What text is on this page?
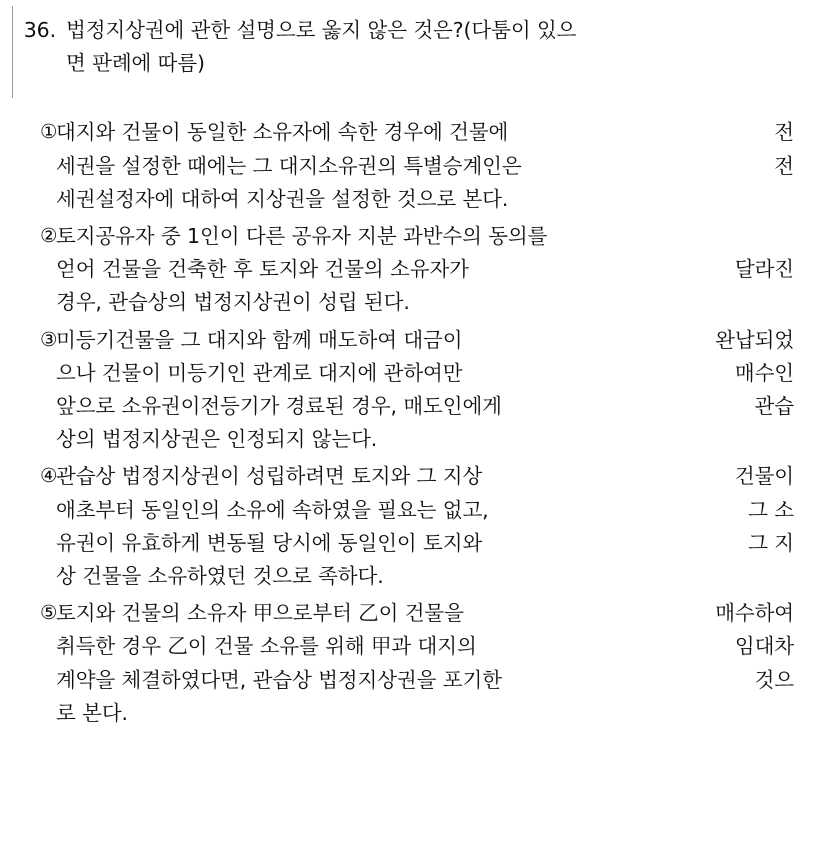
36. 법정지상권에 관한 설명으로 옳지 않은 것은?(다툼이 있으
면 판례에 따름)
①
대지와 건물이 동일한 소유자에 속한 경우에 건물에	전
세권을 설정한 때에는 그 대지소유권의 특별승계인은	전
세권설정자에 대하여 지상권을 설정한 것으로 본다.
②
토지공유자 중 1인이 다른 공유자 지분 과반수의 동의를
얻어 건물을 건축한 후 토지와 건물의 소유자가	달라진
경우, 관습상의 법정지상권이 성립 된다.
③
미등기건물을 그 대지와 함께 매도하여 대금이	완납되었
으나 건물이 미등기인 관계로 대지에 관하여만	매수인
앞으로 소유권이전등기가 경료된 경우, 매도인에게	관습
상의 법정지상권은 인정되지 않는다.
④
관습상 법정지상권이 성립하려면 토지와 그 지상	건물이
애초부터 동일인의 소유에 속하였을 필요는 없고,	그 소
유권이 유효하게 변동될 당시에 동일인이 토지와	그 지
상 건물을 소유하였던 것으로 족하다.
⑤
토지와 건물의 소유자 甲으로부터 乙이 건물을	매수하여
취득한 경우 乙이 건물 소유를 위해 甲과 대지의	임대차
계약을 체결하였다면, 관습상 법정지상권을 포기한	것으
로 본다.
